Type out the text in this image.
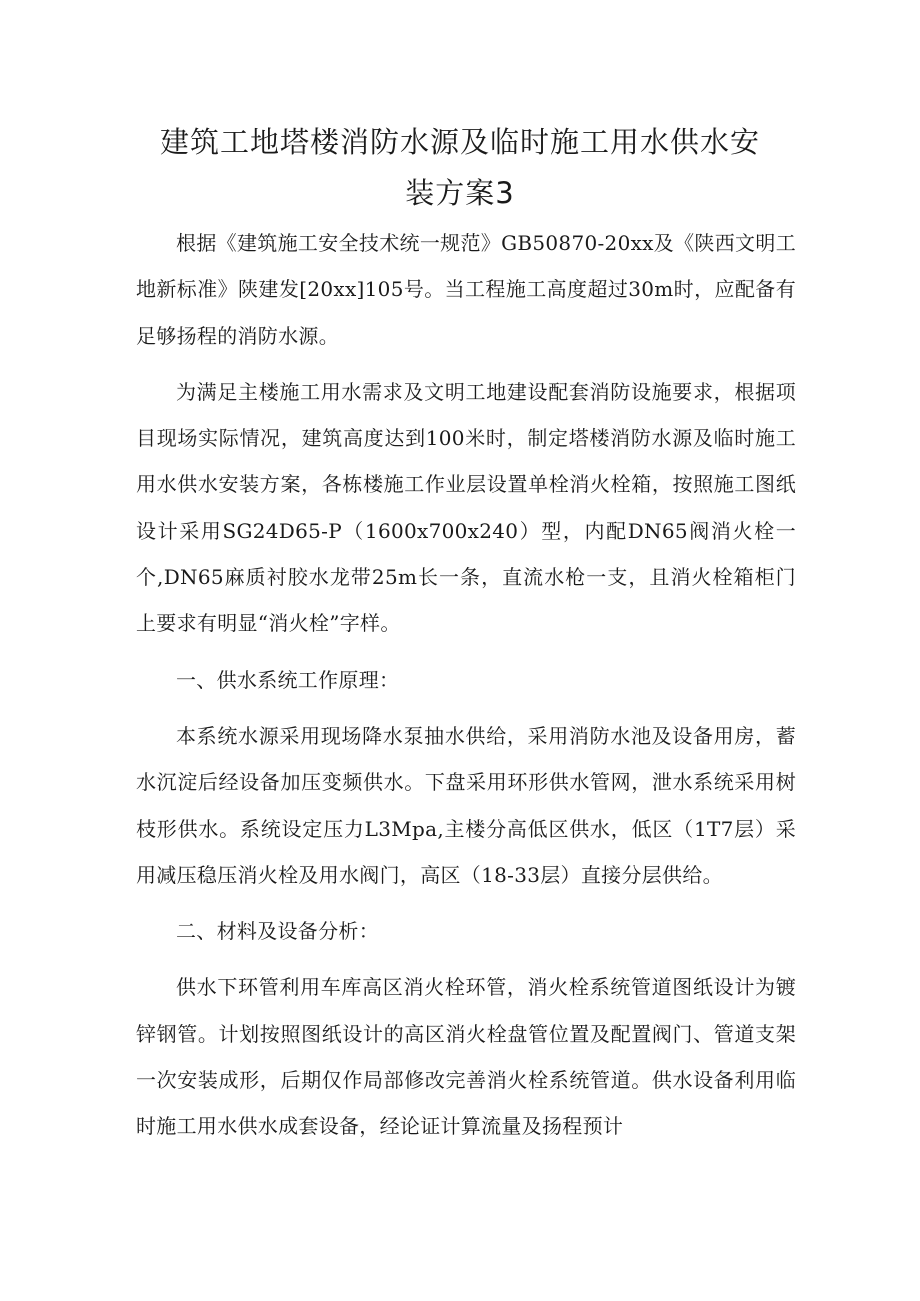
建筑工地塔楼消防水源及临时施工用水供水安
装方案3

根据《建筑施工安全技术统一规范》GB50870-20xx及《陕西文明工地新标准》陕建发[20xx]105号。当工程施工高度超过30m时，应配备有足够扬程的消防水源。

为满足主楼施工用水需求及文明工地建设配套消防设施要求，根据项目现场实际情况，建筑高度达到100米时，制定塔楼消防水源及临时施工用水供水安装方案，各栋楼施工作业层设置单栓消火栓箱，按照施工图纸设计采用SG24D65-P（1600x700x240）型，内配DN65阀消火栓一个,DN65麻质衬胶水龙带25m长一条，直流水枪一支，且消火栓箱柜门上要求有明显“消火栓”字样。

一、供水系统工作原理：

本系统水源采用现场降水泵抽水供给，采用消防水池及设备用房，蓄水沉淀后经设备加压变频供水。下盘采用环形供水管网，泄水系统采用树枝形供水。系统设定压力L3Mpa,主楼分高低区供水，低区（1T7层）采用减压稳压消火栓及用水阀门，高区（18-33层）直接分层供给。

二、材料及设备分析：

供水下环管利用车库高区消火栓环管，消火栓系统管道图纸设计为镀锌钢管。计划按照图纸设计的高区消火栓盘管位置及配置阀门、管道支架一次安装成形，后期仅作局部修改完善消火栓系统管道。供水设备利用临时施工用水供水成套设备，经论证计算流量及扬程预计
